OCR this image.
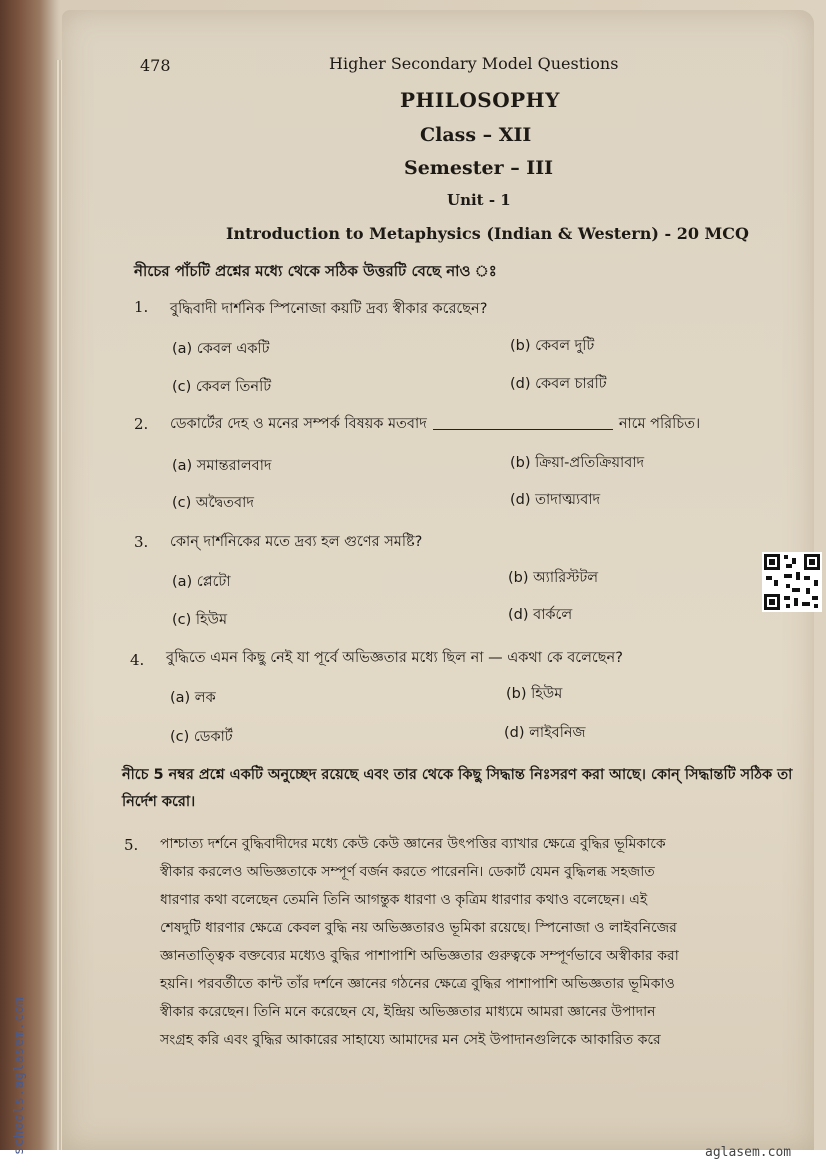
478	Higher Secondary Model Questions
PHILOSOPHY
Class – XII
Semester – III
Unit - 1
Introduction to Metaphysics (Indian & Western) - 20 MCQ
নীচের পাঁচটি প্রশ্নের মধ্যে থেকে সঠিক উত্তরটি বেছে নাও ঃ
1. বুদ্ধিবাদী দার্শনিক স্পিনোজা কয়টি দ্রব্য স্বীকার করেছেন?
(a) কেবল একটি	(b) কেবল দুটি
(c) কেবল তিনটি	(d) কেবল চারটি
2. ডেকার্টের দেহ ও মনের সম্পর্ক বিষয়ক মতবাদ	নামে পরিচিত।
(a) সমান্তরালবাদ	(b) ক্রিয়া-প্রতিক্রিয়াবাদ
(c) অদ্বৈতবাদ	(d) তাদাত্ম্যবাদ
3. কোন্ দার্শনিকের মতে দ্রব্য হল গুণের সমষ্টি?
(a) প্লেটো	(b) অ্যারিস্টটল
(c) হিউম	(d) বার্কলে
4. বুদ্ধিতে এমন কিছু নেই যা পূর্বে অভিজ্ঞতার মধ্যে ছিল না — একথা কে বলেছেন?
(a) লক	(b) হিউম
(c) ডেকার্ট	(d) লাইবনিজ
নীচে 5 নম্বর প্রশ্নে একটি অনুচ্ছেদ রয়েছে এবং তার থেকে কিছু সিদ্ধান্ত নিঃসরণ করা আছে। কোন্ সিদ্ধান্তটি সঠিক তা নির্দেশ করো।
5. পাশ্চাত্য দর্শনে বুদ্ধিবাদীদের মধ্যে কেউ কেউ জ্ঞানের উৎপত্তির ব্যাখার ক্ষেত্রে বুদ্ধির ভূমিকাকে
স্বীকার করলেও অভিজ্ঞতাকে সম্পূর্ণ বর্জন করতে পারেননি। ডেকার্ট যেমন বুদ্ধিলব্ধ সহজাত
ধারণার কথা বলেছেন তেমনি তিনি আগন্তুক ধারণা ও কৃত্রিম ধারণার কথাও বলেছেন। এই
শেষদুটি ধারণার ক্ষেত্রে কেবল বুদ্ধি নয় অভিজ্ঞতারও ভূমিকা রয়েছে। স্পিনোজা ও লাইবনিজের
জ্ঞানতাত্ত্বিক বক্তব্যের মধ্যেও বুদ্ধির পাশাপাশি অভিজ্ঞতার গুরুত্বকে সম্পূর্ণভাবে অস্বীকার করা
হয়নি। পরবর্তীতে কান্ট তাঁর দর্শনে জ্ঞানের গঠনের ক্ষেত্রে বুদ্ধির পাশাপাশি অভিজ্ঞতার ভূমিকাও
স্বীকার করেছেন। তিনি মনে করেছেন যে, ইন্দ্রিয় অভিজ্ঞতার মাধ্যমে আমরা জ্ঞানের উপাদান
সংগ্রহ করি এবং বুদ্ধির আকারের সাহায্যে আমাদের মন সেই উপাদানগুলিকে আকারিত করে
schools.aglasem.com	aglasem.com
